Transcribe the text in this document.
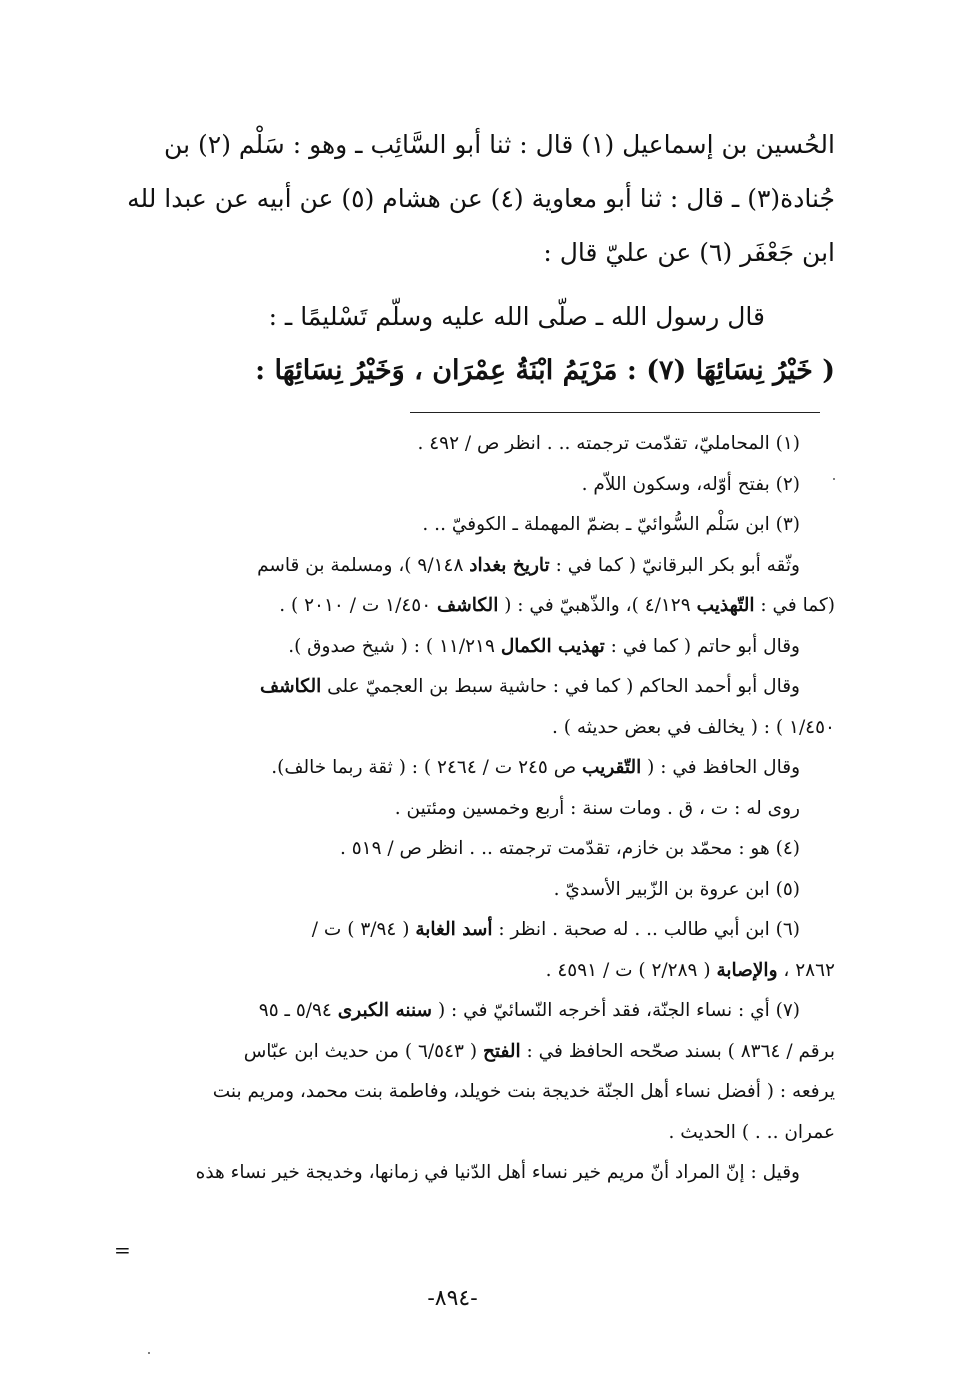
الحُسين بن إسماعيل (١) قال : ثنا أبو السَّائِب ـ وهو : سَلْم (٢) بن

جُنادة(٣) ـ قال : ثنا أبو معاوية (٤) عن هشام (٥) عن أبيه عن عبدا لله

ابن جَعْفَر (٦) عن عليّ قال :

قال رسول الله ـ صلّى الله عليه وسلّم تَسْليمًا ـ :

( خَيْرُ نِسَائِهَا (٧) : مَرْيَمُ ابْنَةُ عِمْرَان ، وَخَيْرُ نِسَائِهَا :

(١) المحامليّ، تقدّمت ترجمته .. . انظر ص / ٤٩٢ .

(٢) بفتح أوّله، وسكون اللاّم .

(٣) ابن سَلْم السُّوائيّ ـ بضمّ المهملة ـ الكوفيّ .. .

وثّقه أبو بكر البرقانيّ ( كما في : تاريخ بغداد ٩/١٤٨ )، ومسلمة بن قاسم

(كما في : التّهذيب ٤/١٢٩ )، والذّهبيّ في : ( الكاشف ١/٤٥٠ ت / ٢٠١٠ ) .

وقال أبو حاتم ( كما في : تهذيب الكمال ١١/٢١٩ ) : ( شيخ صدوق ).

وقال أبو أحمد الحاكم ( كما في : حاشية سبط بن العجميّ على الكاشف

١/٤٥٠ ) : ( يخالف في بعض حديثه ) .

وقال الحافظ في : ( التّقريب ص ٢٤٥ ت / ٢٤٦٤ ) : ( ثقة ربما خالف).

روى له : ت ، ق . ومات سنة : أربع وخمسين ومئتين .

(٤) هو : محمّد بن خازم، تقدّمت ترجمته .. . انظر ص / ٥١٩ .

(٥) ابن عروة بن الزّبير الأسديّ .

(٦) ابن أبي طالب .. . له صحبة . انظر : أسد الغابة ( ٣/٩٤ ) ت /

٢٨٦٢ ، والإصابة ( ٢/٢٨٩ ) ت / ٤٥٩١ .

(٧) أي : نساء الجنّة، فقد أخرجه النّسائيّ في : ( سننه الكبرى ٥/٩٤ ـ ٩٥

برقم / ٨٣٦٤ ) بسند صحّحه الحافظ في : الفتح ( ٦/٥٤٣ ) من حديث ابن عبّاس

يرفعه : ( أفضل نساء أهل الجنّة خديجة بنت خويلد، وفاطمة بنت محمد، ومريم بنت

عمران .. . ) الحديث .

وقيل : إنّ المراد أنّ مريم خير نساء أهل الدّنيا في زمانها، وخديجة خير نساء هذه

=
-٨٩٤-
